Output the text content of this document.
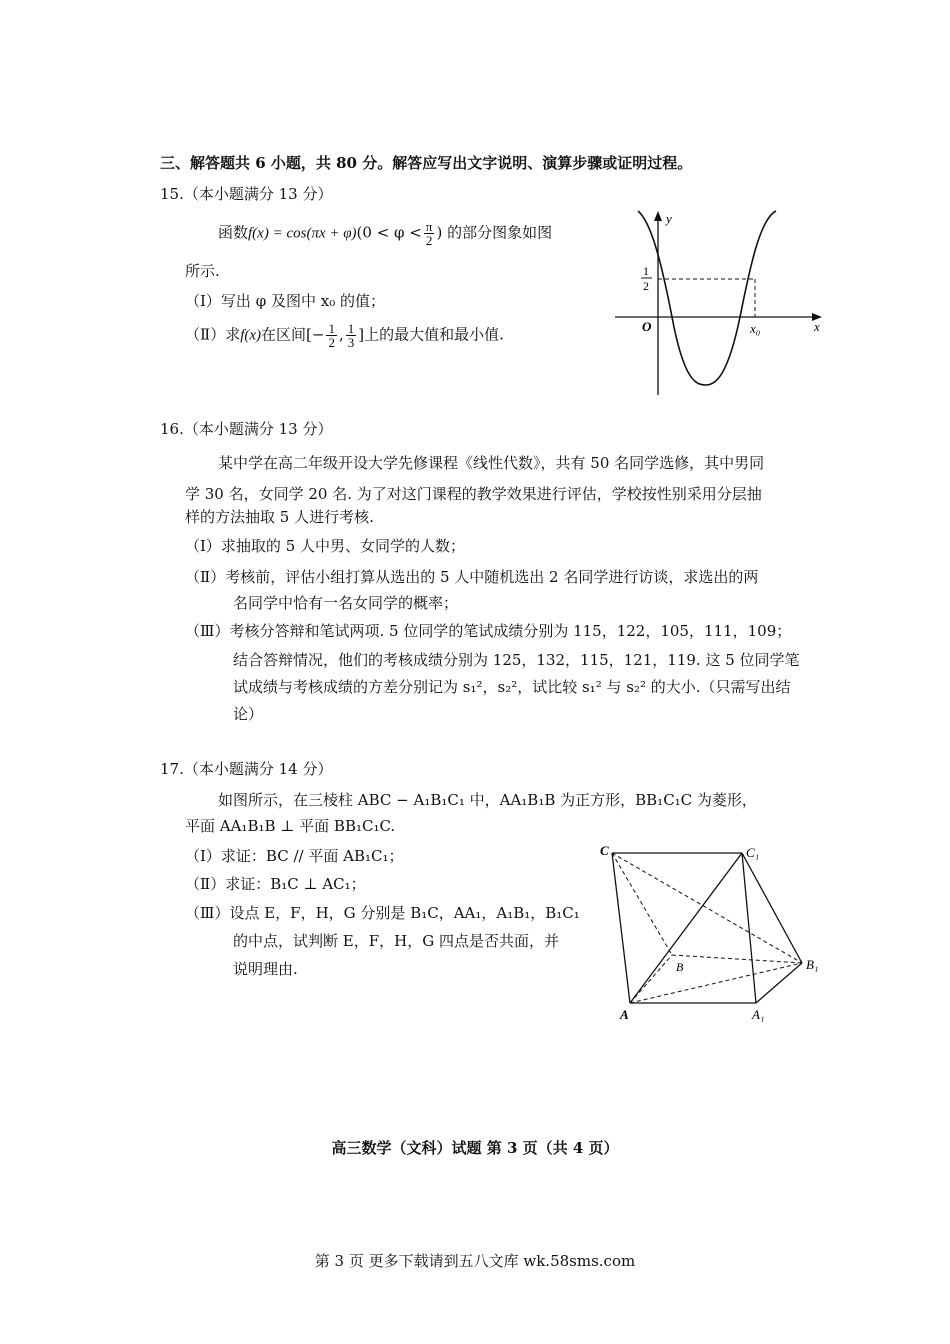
三、解答题共 6 小题，共 80 分。解答应写出文字说明、演算步骤或证明过程。
15.（本小题满分 13 分）
函数$f(x) = \cos(\pi x + \varphi)(0 < \varphi < \frac{\pi}{2}$ ) 的部分图象如图
所示.
（Ⅰ）写出 φ 及图中 x₀ 的值；
（Ⅱ）求f(x)在区间[− $\frac{1}{2}$ , $\frac{1}{3}$ ]上的最大值和最小值.
y
x
O	x₀
1
2
16.（本小题满分 13 分）
某中学在高二年级开设大学先修课程《线性代数》，共有 50 名同学选修，其中男同
学 30 名，女同学 20 名. 为了对这门课程的教学效果进行评估，学校按性别采用分层抽
样的方法抽取 5 人进行考核.
（Ⅰ）求抽取的 5 人中男、女同学的人数；
（Ⅱ）考核前，评估小组打算从选出的 5 人中随机选出 2 名同学进行访谈，求选出的两
名同学中恰有一名女同学的概率；
（Ⅲ）考核分答辩和笔试两项. 5 位同学的笔试成绩分别为 115，122，105，111，109；
结合答辩情况，他们的考核成绩分别为 125，132，115，121，119. 这 5 位同学笔
试成绩与考核成绩的方差分别记为 s₁²，s₂²，试比较 s₁² 与 s₂² 的大小.（只需写出结
论）
17.（本小题满分 14 分）
如图所示，在三棱柱 ABC − A₁B₁C₁ 中，AA₁B₁B 为正方形，BB₁C₁C 为菱形，
平面 AA₁B₁B ⊥ 平面 BB₁C₁C.
（Ⅰ）求证：BC // 平面 AB₁C₁；
（Ⅱ）求证：B₁C ⊥ AC₁；
（Ⅲ）设点 E，F，H，G 分别是 B₁C，AA₁，A₁B₁，B₁C₁
的中点，试判断 E，F，H，G 四点是否共面，并
说明理由.
C	C₁
B	B₁
A	A₁
高三数学（文科）试题 第 3 页（共 4 页）
第 3 页 更多下载请到五八文库 wk.58sms.com
